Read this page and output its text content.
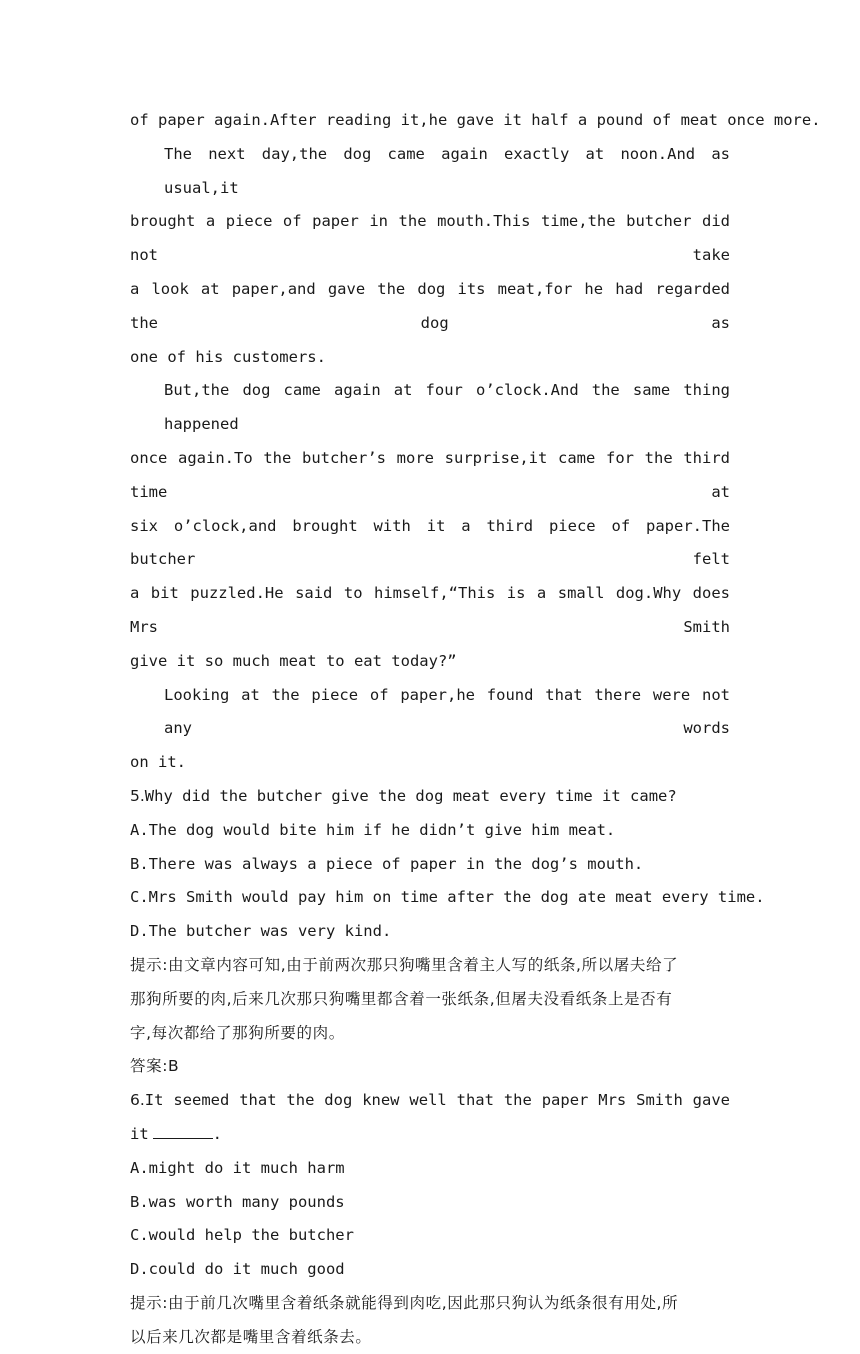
of paper again.After reading it,he gave it half a pound of meat once more.
The next day,the dog came again exactly at noon.And as usual,it
brought a piece of paper in the mouth.This time,the butcher did not take
a look at paper,and gave the dog its meat,for he had regarded the dog as
one of his customers.
But,the dog came again at four o’clock.And the same thing happened
once again.To the butcher’s more surprise,it came for the third time at
six o’clock,and brought with it a third piece of paper.The butcher felt
a bit puzzled.He said to himself,“This is a small dog.Why does Mrs Smith
give it so much meat to eat today?”
Looking at the piece of paper,he found that there were not any words
on it.
5.Why did the butcher give the dog meat every time it came?
A.The dog would bite him if he didn’t give him meat.
B.There was always a piece of paper in the dog’s mouth.
C.Mrs Smith would pay him on time after the dog ate meat every time.
D.The butcher was very kind.
提示:由文章内容可知,由于前两次那只狗嘴里含着主人写的纸条,所以屠夫给了
那狗所要的肉,后来几次那只狗嘴里都含着一张纸条,但屠夫没看纸条上是否有
字,每次都给了那狗所要的肉。
答案:B
6.It seemed that the dog knew well that the paper Mrs Smith gave
it	.
A.might do it much harm
B.was worth many pounds
C.would help the butcher
D.could do it much good
提示:由于前几次嘴里含着纸条就能得到肉吃,因此那只狗认为纸条很有用处,所
以后来几次都是嘴里含着纸条去。
